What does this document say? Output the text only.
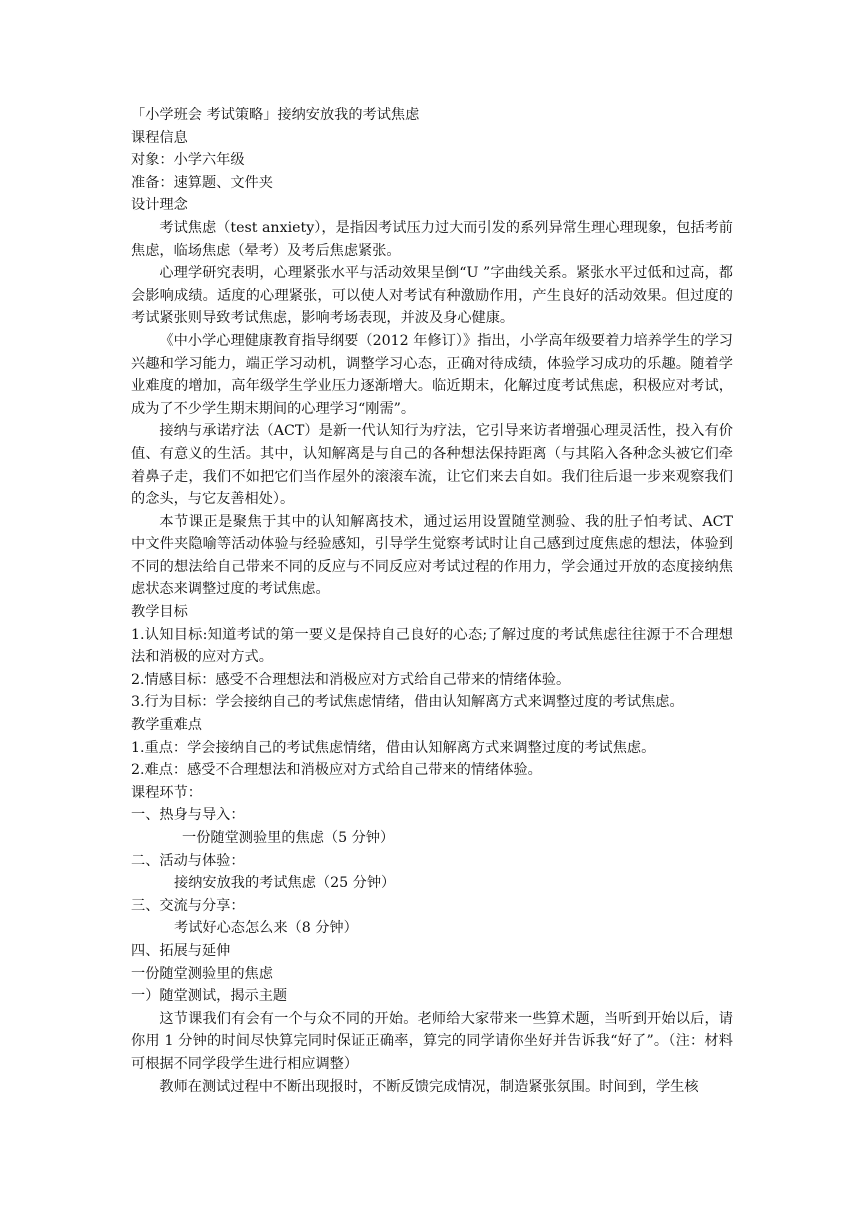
「小学班会 考试策略」接纳安放我的考试焦虑

课程信息

对象：小学六年级

准备：速算题、文件夹

设计理念

考试焦虑（test anxiety），是指因考试压力过大而引发的系列异常生理心理现象，包括考前焦虑，临场焦虑（晕考）及考后焦虑紧张。

心理学研究表明，心理紧张水平与活动效果呈倒“U ”字曲线关系。紧张水平过低和过高，都会影响成绩。适度的心理紧张，可以使人对考试有种激励作用，产生良好的活动效果。但过度的考试紧张则导致考试焦虑，影响考场表现，并波及身心健康。

《中小学心理健康教育指导纲要（2012 年修订）》指出，小学高年级要着力培养学生的学习兴趣和学习能力，端正学习动机，调整学习心态，正确对待成绩，体验学习成功的乐趣。随着学业难度的增加，高年级学生学业压力逐渐增大。临近期末，化解过度考试焦虑，积极应对考试，成为了不少学生期末期间的心理学习“刚需”。

接纳与承诺疗法（ACT）是新一代认知行为疗法，它引导来访者增强心理灵活性，投入有价值、有意义的生活。其中，认知解离是与自己的各种想法保持距离（与其陷入各种念头被它们牵着鼻子走，我们不如把它们当作屋外的滚滚车流，让它们来去自如。我们往后退一步来观察我们的念头，与它友善相处）。

本节课正是聚焦于其中的认知解离技术，通过运用设置随堂测验、我的肚子怕考试、ACT 中文件夹隐喻等活动体验与经验感知，引导学生觉察考试时让自己感到过度焦虑的想法，体验到不同的想法给自己带来不同的反应与不同反应对考试过程的作用力，学会通过开放的态度接纳焦虑状态来调整过度的考试焦虑。

教学目标

1.认知目标:知道考试的第一要义是保持自己良好的心态;了解过度的考试焦虑往往源于不合理想法和消极的应对方式。

2.情感目标：感受不合理想法和消极应对方式给自己带来的情绪体验。

3.行为目标：学会接纳自己的考试焦虑情绪，借由认知解离方式来调整过度的考试焦虑。

教学重难点

1.重点：学会接纳自己的考试焦虑情绪，借由认知解离方式来调整过度的考试焦虑。

2.难点：感受不合理想法和消极应对方式给自己带来的情绪体验。

课程环节：

一、热身与导入：

一份随堂测验里的焦虑（5 分钟）

二、活动与体验：

接纳安放我的考试焦虑（25 分钟）

三、交流与分享：

考试好心态怎么来（8 分钟）

四、拓展与延伸

一份随堂测验里的焦虑

一）随堂测试，揭示主题

这节课我们有会有一个与众不同的开始。老师给大家带来一些算术题，当听到开始以后，请你用 1 分钟的时间尽快算完同时保证正确率，算完的同学请你坐好并告诉我“好了”。（注：材料可根据不同学段学生进行相应调整）

教师在测试过程中不断出现报时，不断反馈完成情况，制造紧张氛围。时间到，学生核
